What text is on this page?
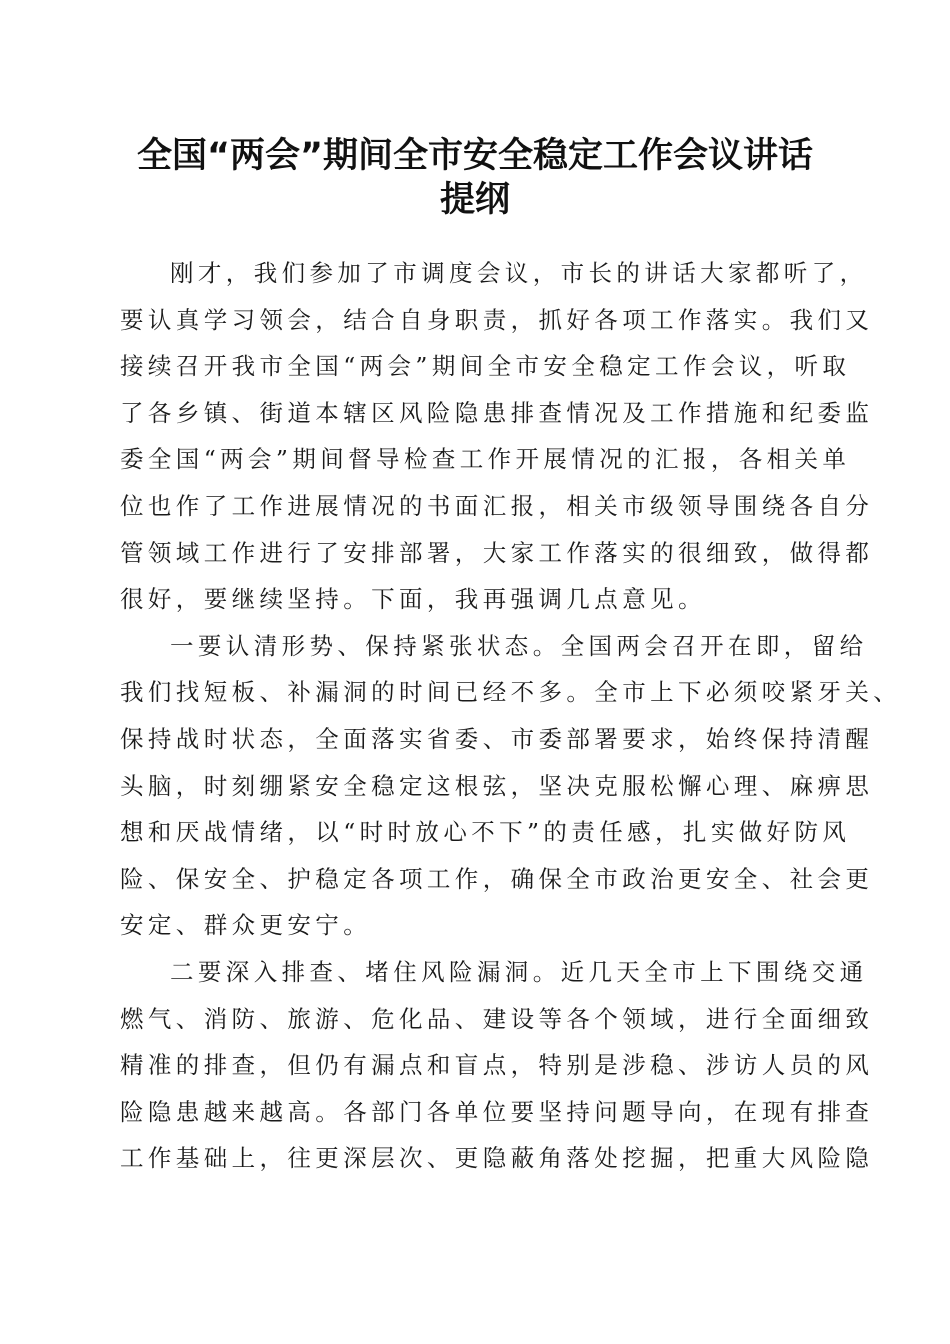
全国“两会”期间全市安全稳定工作会议讲话
提纲
刚才，我们参加了市调度会议，市长的讲话大家都听了，
要认真学习领会，结合自身职责，抓好各项工作落实。我们又
接续召开我市全国“两会”期间全市安全稳定工作会议，听取
了各乡镇、街道本辖区风险隐患排查情况及工作措施和纪委监
委全国“两会”期间督导检查工作开展情况的汇报，各相关单
位也作了工作进展情况的书面汇报，相关市级领导围绕各自分
管领域工作进行了安排部署，大家工作落实的很细致，做得都
很好，要继续坚持。下面，我再强调几点意见。
一要认清形势、保持紧张状态。全国两会召开在即，留给
我们找短板、补漏洞的时间已经不多。全市上下必须咬紧牙关、
保持战时状态，全面落实省委、市委部署要求，始终保持清醒
头脑，时刻绷紧安全稳定这根弦，坚决克服松懈心理、麻痹思
想和厌战情绪，以“时时放心不下”的责任感，扎实做好防风
险、保安全、护稳定各项工作，确保全市政治更安全、社会更
安定、群众更安宁。
二要深入排查、堵住风险漏洞。近几天全市上下围绕交通
燃气、消防、旅游、危化品、建设等各个领域，进行全面细致
精准的排查，但仍有漏点和盲点，特别是涉稳、涉访人员的风
险隐患越来越高。各部门各单位要坚持问题导向，在现有排查
工作基础上，往更深层次、更隐蔽角落处挖掘，把重大风险隐
